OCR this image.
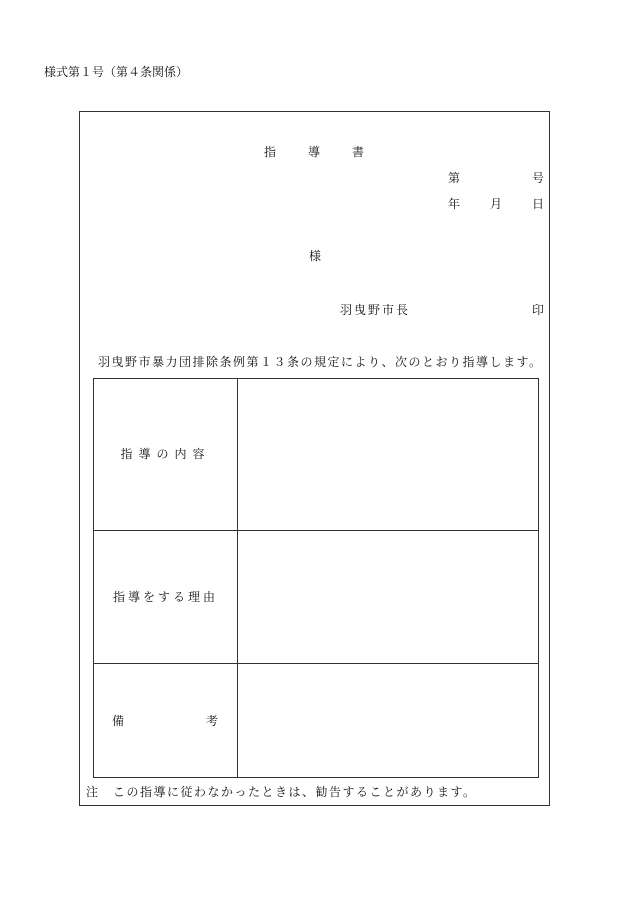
様式第１号（第４条関係）
指	導	書
第	号
年 月 日
様
羽曳野市長	印
羽曳野市暴力団排除条例第１３条の規定により、次のとおり指導します。
指導の内容
指導をする理由
備	考
注　この指導に従わなかったときは、勧告することがあります。
